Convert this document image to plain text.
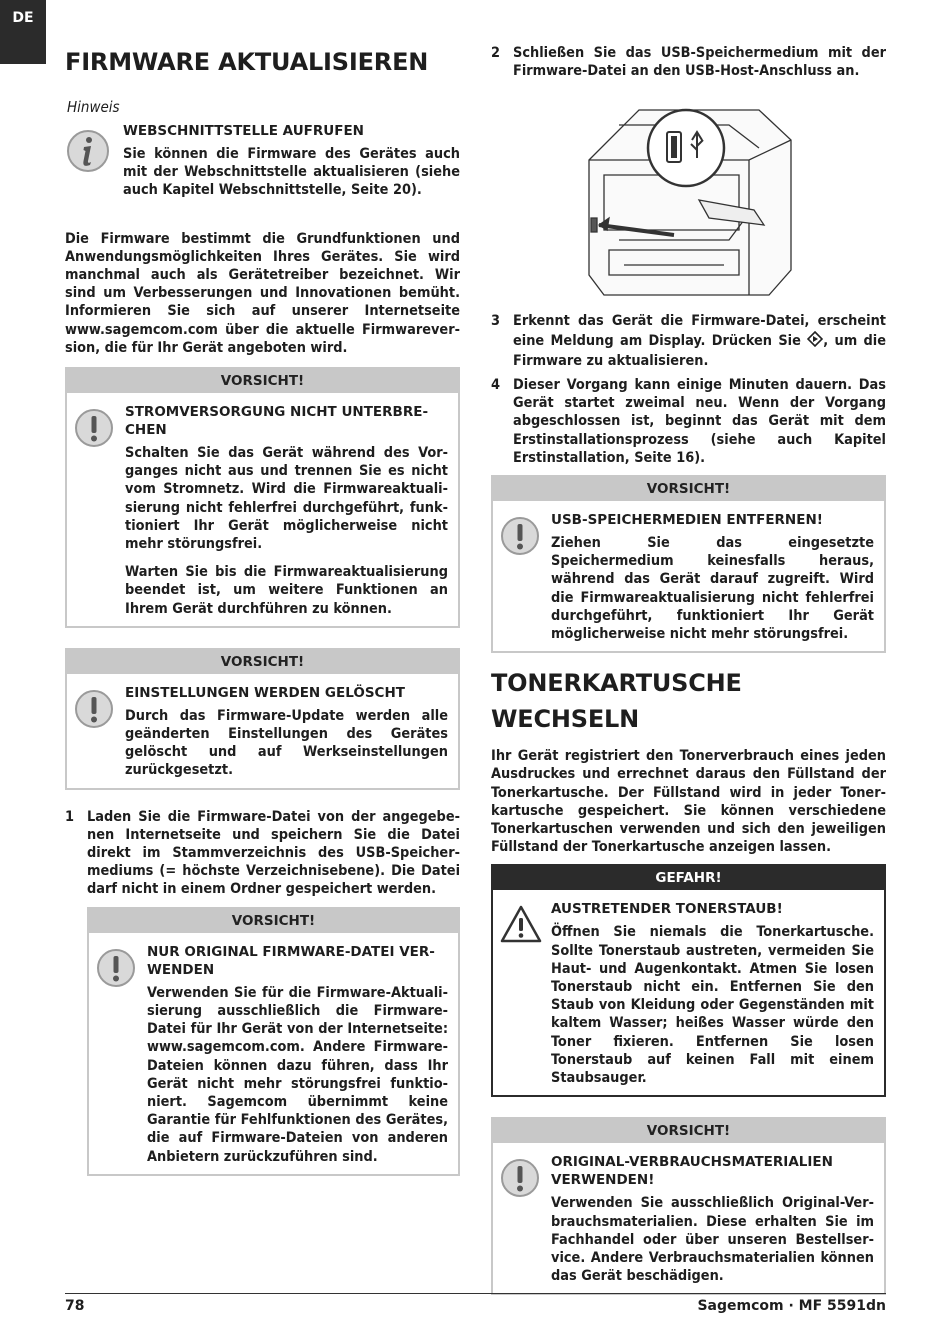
DE
FIRMWARE AKTUALISIEREN
Hinweis
WEBSCHNITTSTELLE AUFRUFEN

Sie können die Firmware des Gerätes auch mit der Webschnittstelle aktualisieren (siehe auch Kapitel Webschnittstelle, Seite 20).

Die Firmware bestimmt die Grundfunktionen und Anwendungsmöglichkeiten Ihres Gerätes. Sie wird manchmal auch als Gerätetreiber bezeichnet. Wir sind um Verbesserungen und Innovationen bemüht. Informieren Sie sich auf unserer Internetseite www.sagemcom.com über die aktuelle Firmwareversion, die für Ihr Gerät angeboten wird.

VORSICHT!
STROMVERSORGUNG NICHT UNTERBRECHEN

Schalten Sie das Gerät während des Vorganges nicht aus und trennen Sie es nicht vom Stromnetz. Wird die Firmwareaktualisierung nicht fehlerfrei durchgeführt, funktioniert Ihr Gerät möglicherweise nicht mehr störungsfrei.

Warten Sie bis die Firmwareaktualisierung beendet ist, um weitere Funktionen an Ihrem Gerät durchführen zu können.

VORSICHT!
EINSTELLUNGEN WERDEN GELÖSCHT

Durch das Firmware-Update werden alle geänderten Einstellungen des Gerätes gelöscht und auf Werkseinstellungen zurückgesetzt.

1 Laden Sie die Firmware-Datei von der angegebenen Internetseite und speichern Sie die Datei direkt im Stammverzeichnis des USB-Speichermediums (= höchste Verzeichnisebene). Die Datei darf nicht in einem Ordner gespeichert werden.

VORSICHT!
NUR ORIGINAL FIRMWARE-DATEI VERWENDEN

Verwenden Sie für die Firmware-Aktualisierung ausschließlich die Firmware-Datei für Ihr Gerät von der Internetseite: www.sagemcom.com. Andere Firmware-Dateien können dazu führen, dass Ihr Gerät nicht mehr störungsfrei funktioniert. Sagemcom übernimmt keine Garantie für Fehlfunktionen des Gerätes, die auf Firmware-Dateien von anderen Anbietern zurückzuführen sind.

2 Schließen Sie das USB-Speichermedium mit der Firmware-Datei an den USB-Host-Anschluss an.

3 Erkennt das Gerät die Firmware-Datei, erscheint eine Meldung am Display. Drücken Sie , um die Firmware zu aktualisieren.

4 Dieser Vorgang kann einige Minuten dauern. Das Gerät startet zweimal neu. Wenn der Vorgang abgeschlossen ist, beginnt das Gerät mit dem Erstinstallationsprozess (siehe auch Kapitel Erstinstallation, Seite 16).

VORSICHT!
USB-SPEICHERMEDIEN ENTFERNEN!

Ziehen Sie das eingesetzte Speichermedium keinesfalls heraus, während das Gerät darauf zugreift. Wird die Firmwareaktualisierung nicht fehlerfrei durchgeführt, funktioniert Ihr Gerät möglicherweise nicht mehr störungsfrei.

TONERKARTUSCHE WECHSELN

Ihr Gerät registriert den Tonerverbrauch eines jeden Ausdruckes und errechnet daraus den Füllstand der Tonerkartusche. Der Füllstand wird in jeder Tonerkartusche gespeichert. Sie können verschiedene Tonerkartuschen verwenden und sich den jeweiligen Füllstand der Tonerkartusche anzeigen lassen.

GEFAHR!
AUSTRETENDER TONERSTAUB!

Öffnen Sie niemals die Tonerkartusche. Sollte Tonerstaub austreten, vermeiden Sie Haut- und Augenkontakt. Atmen Sie losen Tonerstaub nicht ein. Entfernen Sie den Staub von Kleidung oder Gegenständen mit kaltem Wasser; heißes Wasser würde den Toner fixieren. Entfernen Sie losen Tonerstaub auf keinen Fall mit einem Staubsauger.

VORSICHT!
ORIGINAL-VERBRAUCHSMATERIALIEN VERWENDEN!

Verwenden Sie ausschließlich Original-Verbrauchsmaterialien. Diese erhalten Sie im Fachhandel oder über unseren Bestellservice. Andere Verbrauchsmaterialien können das Gerät beschädigen.

78	Sagemcom · MF 5591dn
